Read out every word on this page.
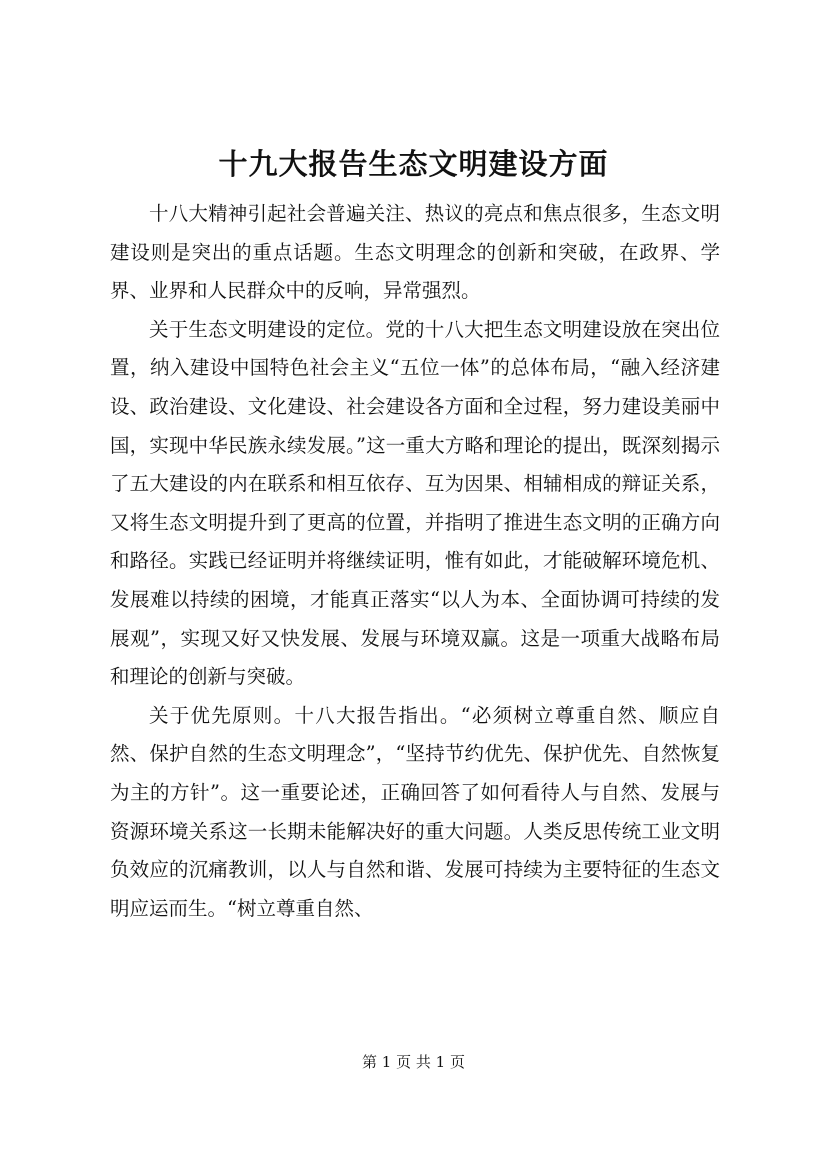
十九大报告生态文明建设方面

十八大精神引起社会普遍关注、热议的亮点和焦点很多，生态文明建设则是突出的重点话题。生态文明理念的创新和突破，在政界、学界、业界和人民群众中的反响，异常强烈。

关于生态文明建设的定位。党的十八大把生态文明建设放在突出位置，纳入建设中国特色社会主义“五位一体”的总体布局，“融入经济建设、政治建设、文化建设、社会建设各方面和全过程，努力建设美丽中国，实现中华民族永续发展。”这一重大方略和理论的提出，既深刻揭示了五大建设的内在联系和相互依存、互为因果、相辅相成的辩证关系，又将生态文明提升到了更高的位置，并指明了推进生态文明的正确方向和路径。实践已经证明并将继续证明，惟有如此，才能破解环境危机、发展难以持续的困境，才能真正落实“以人为本、全面协调可持续的发展观”，实现又好又快发展、发展与环境双赢。这是一项重大战略布局和理论的创新与突破。

关于优先原则。十八大报告指出。“必须树立尊重自然、顺应自然、保护自然的生态文明理念”，“坚持节约优先、保护优先、自然恢复为主的方针”。这一重要论述，正确回答了如何看待人与自然、发展与资源环境关系这一长期未能解决好的重大问题。人类反思传统工业文明负效应的沉痛教训，以人与自然和谐、发展可持续为主要特征的生态文明应运而生。“树立尊重自然、

第 1 页 共 1 页
